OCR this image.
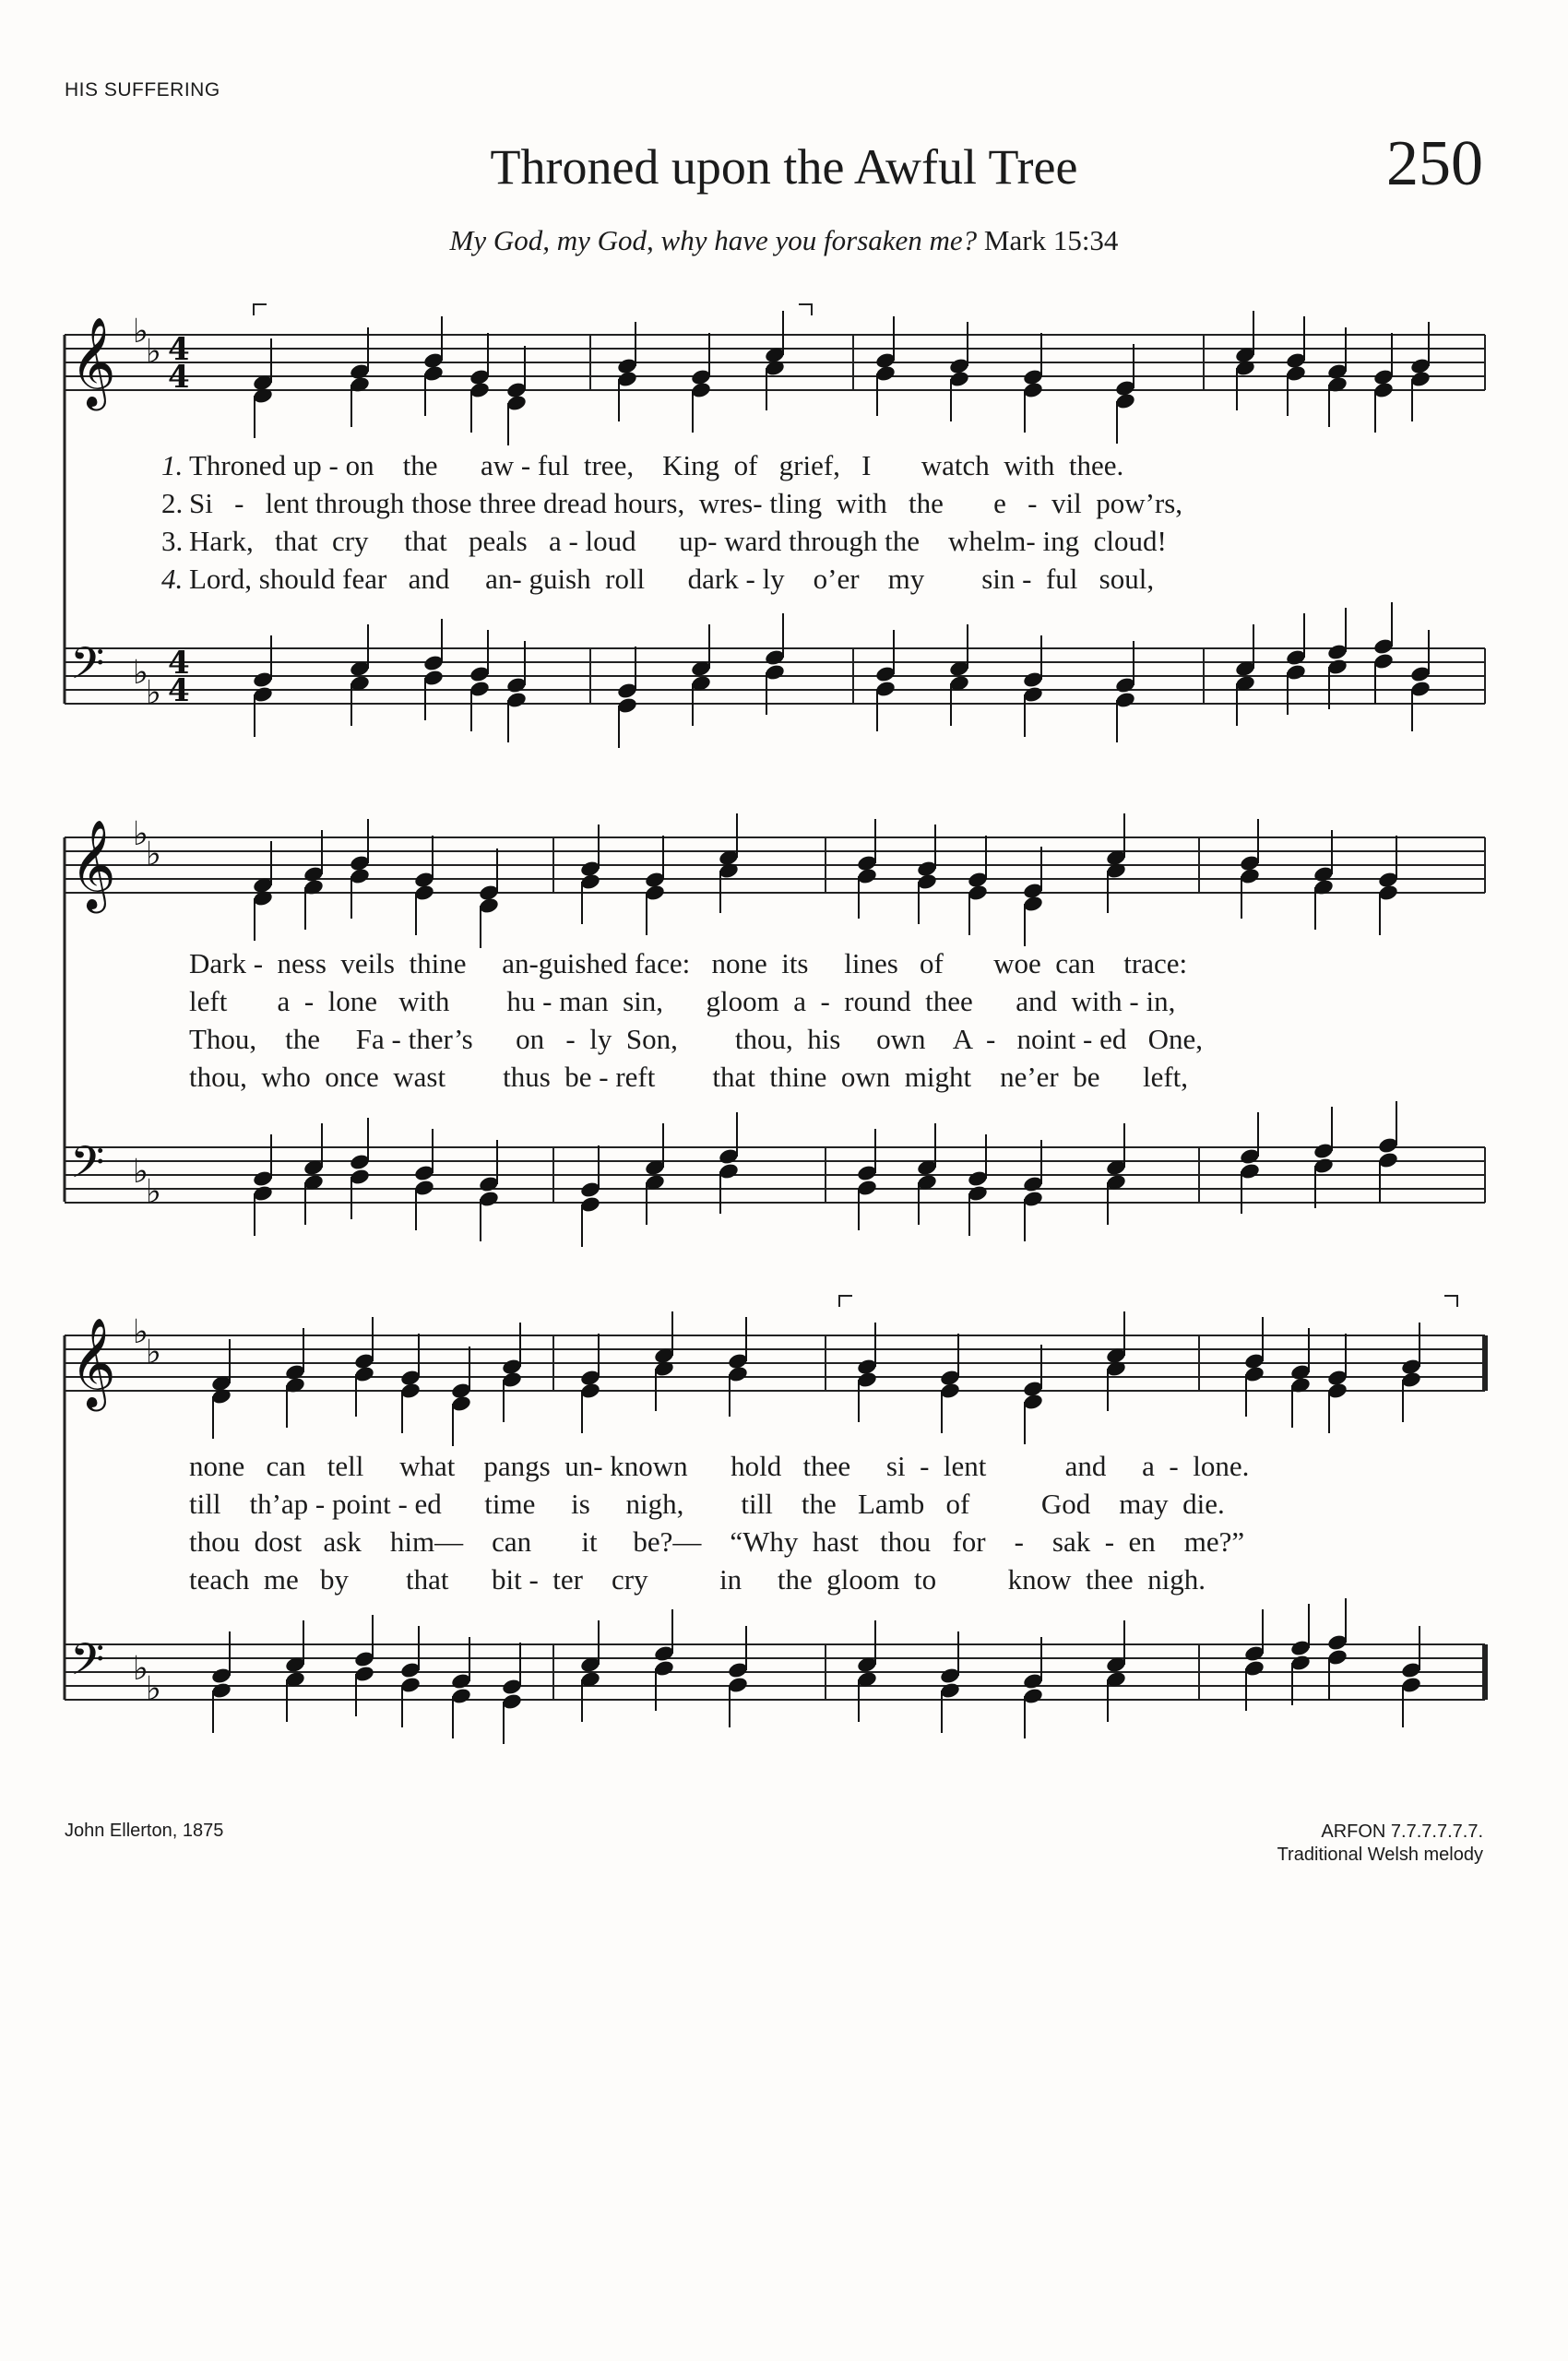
HIS SUFFERING
Throned upon the Awful Tree	250
My God, my God, why have you forsaken me? Mark 15:34
𝄞 ♭
♭ 4
4
𝄢 ♭
♭
4
4
𝄞 ♭
♭
𝄢 ♭
♭
𝄞 ♭
♭
𝄢 ♭
♭
1. Throned up - on    the      aw - ful  tree,    King  of   grief,   I       watch  with  thee.
2. Si   -   lent through those three dread hours,  wres- tling  with   the       e   -  vil  pow’rs,
3. Hark,   that  cry     that   peals   a - loud      up- ward through the    whelm- ing  cloud!
4. Lord, should fear   and     an- guish  roll      dark - ly    o’er    my        sin -  ful   soul,
Dark -  ness  veils  thine     an-guished face:   none  its     lines   of       woe  can    trace:
left       a  -  lone   with        hu - man  sin,      gloom  a  -  round  thee      and  with - in,
Thou,    the     Fa - ther’s      on   -  ly  Son,        thou,  his     own    A  -   noint - ed   One,
thou,  who  once  wast        thus  be - reft        that  thine  own  might    ne’er  be      left,
none   can   tell     what    pangs  un- known      hold   thee     si  -  lent           and     a  -  lone.
till    th’ap - point - ed      time     is     nigh,        till    the   Lamb   of          God    may  die.
thou  dost   ask    him—    can       it     be?—    “Why  hast   thou   for    -    sak  -  en    me?”
teach  me   by        that      bit -  ter    cry          in     the  gloom  to          know  thee  nigh.
John Ellerton, 1875	ARFON 7.7.7.7.7.7.
Traditional Welsh melody
